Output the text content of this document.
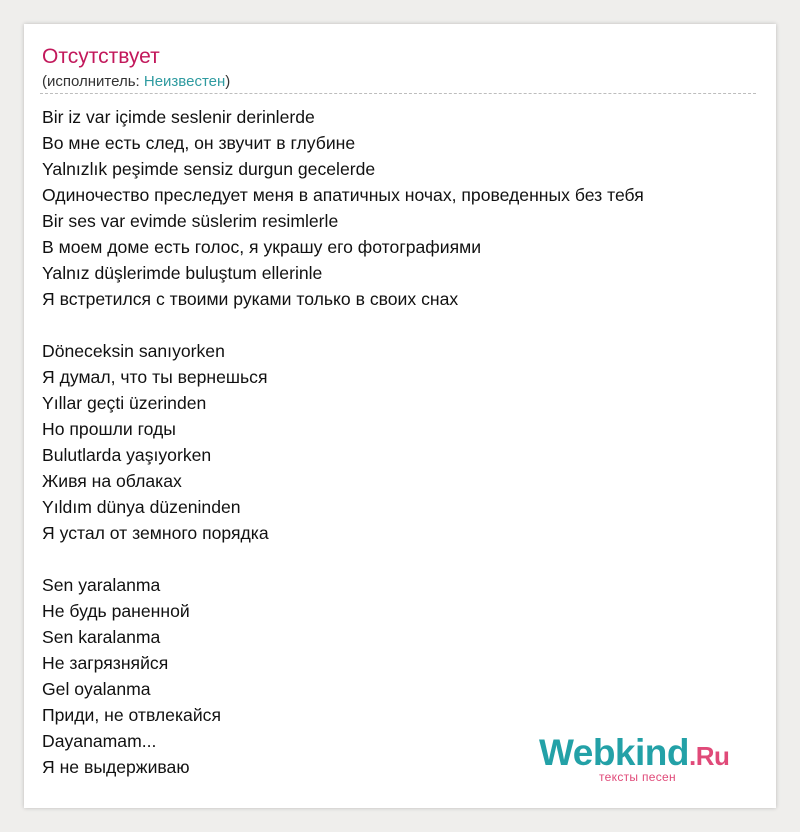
Отсутствует
(исполнитель: Неизвестен)
Bir iz var içimde seslenir derinlerde
Во мне есть след, он звучит в глубине
Yalnızlık peşimde sensiz durgun gecelerde
Одиночество преследует меня в апатичных ночах, проведенных без тебя
Bir ses var evimde süslerim resimlerle
В моем доме есть голос, я украшу его фотографиями
Yalnız düşlerimde buluştum ellerinle
Я встретился с твоими руками только в своих снах
Döneceksin sanıyorken
Я думал, что ты вернешься
Yıllar geçti üzerinden
Но прошли годы
Bulutlarda yaşıyorken
Живя на облаках
Yıldım dünya düzeninden
Я устал от земного порядка
Sen yaralanma
Не будь раненной
Sen karalanma
Не загрязняйся
Gel oyalanma
Приди, не отвлекайся
Dayanamam...
Я не выдерживаю	Webkind.Ru
тексты песен
